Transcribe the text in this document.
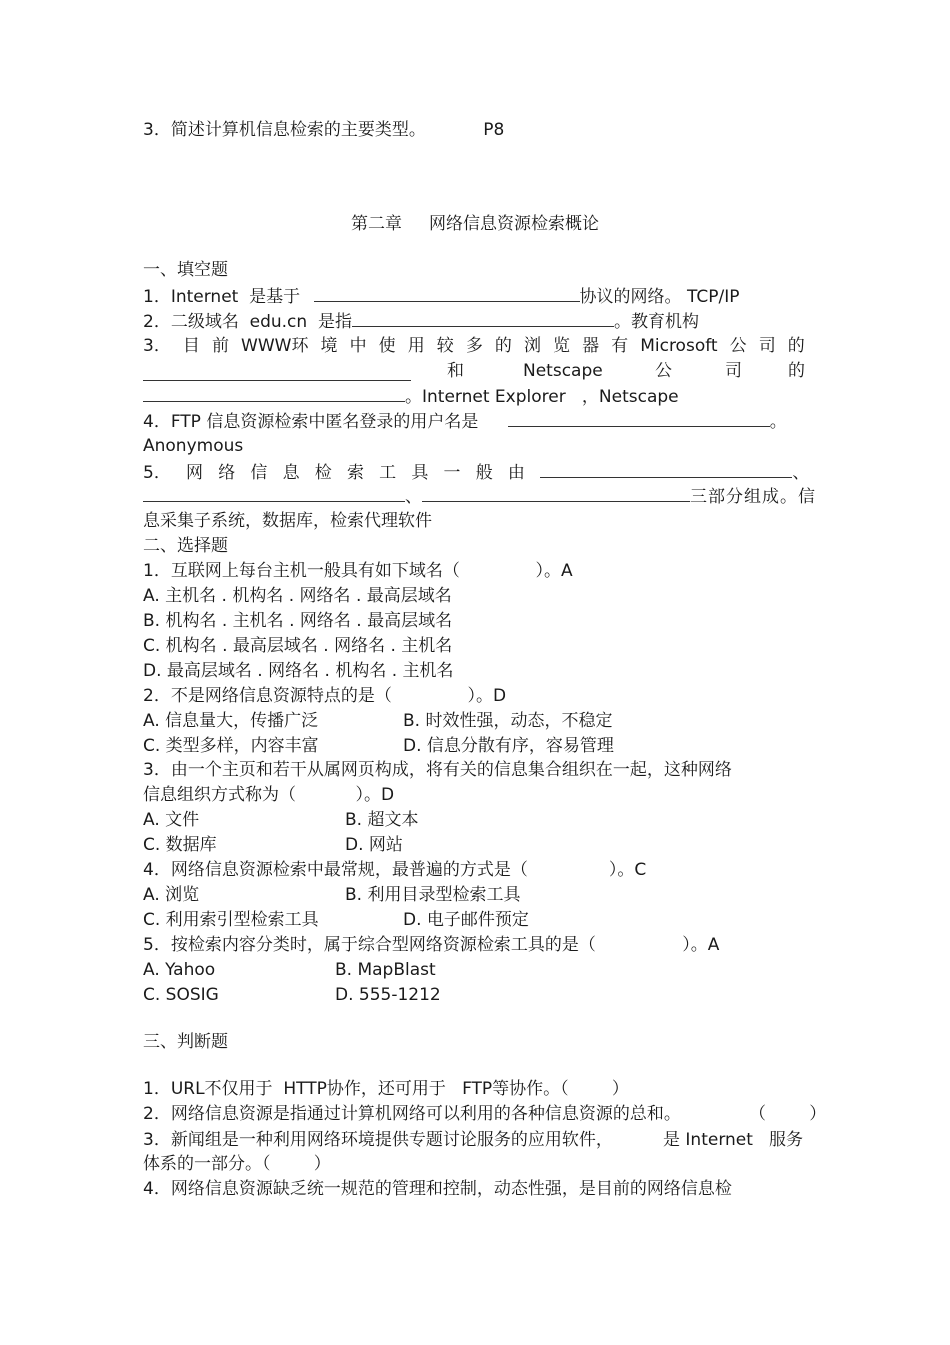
3．简述计算机信息检索的主要类型。	P8
第二章     网络信息资源检索概论
一、填空题
1．Internet  是基于	协议的网络。 TCP/IP
2．二级域名  edu.cn  是指	。教育机构
3． 目 前 WWW环 境 中 使 用 较 多 的 浏 览 器 有 Microsoft 公 司 的
和	Netscape	公	司	的
。Internet Explorer   ，Netscape
4．FTP 信息资源检索中匿名登录的用户名是	。
Anonymous
5． 网 络 信 息 检 索 工 具 一 般 由	、
、	三部分组成。信
息采集子系统，数据库，检索代理软件
二、选择题
1．互联网上每台主机一般具有如下域名（              ）。A
A. 主机名 . 机构名 . 网络名 . 最高层域名
B. 机构名 . 主机名 . 网络名 . 最高层域名
C. 机构名 . 最高层域名 . 网络名 . 主机名
D. 最高层域名 . 网络名 . 机构名 . 主机名
2．不是网络信息资源特点的是（              ）。D
A. 信息量大，传播广泛	B. 时效性强，动态，不稳定
C. 类型多样，内容丰富	D. 信息分散有序，容易管理
3．由一个主页和若干从属网页构成，将有关的信息集合组织在一起，这种网络
信息组织方式称为（           ）。D
A. 文件	B. 超文本
C. 数据库	D. 网站
4．网络信息资源检索中最常规，最普遍的方式是（               ）。C
A. 浏览	B. 利用目录型检索工具
C. 利用索引型检索工具	D. 电子邮件预定
5．按检索内容分类时，属于综合型网络资源检索工具的是（                ）。A
A. Yahoo	B. MapBlast
C. SOSIG	D. 555-1212
三、判断题
1．URL不仅用于  HTTP协作，还可用于   FTP等协作。（        ）
2．网络信息资源是指通过计算机网络可以利用的各种信息资源的总和。	（        ）
3．新闻组是一种利用网络环境提供专题讨论服务的应用软件，	是 Internet 服务
体系的一部分。（        ）
4．网络信息资源缺乏统一规范的管理和控制，动态性强，是目前的网络信息检
